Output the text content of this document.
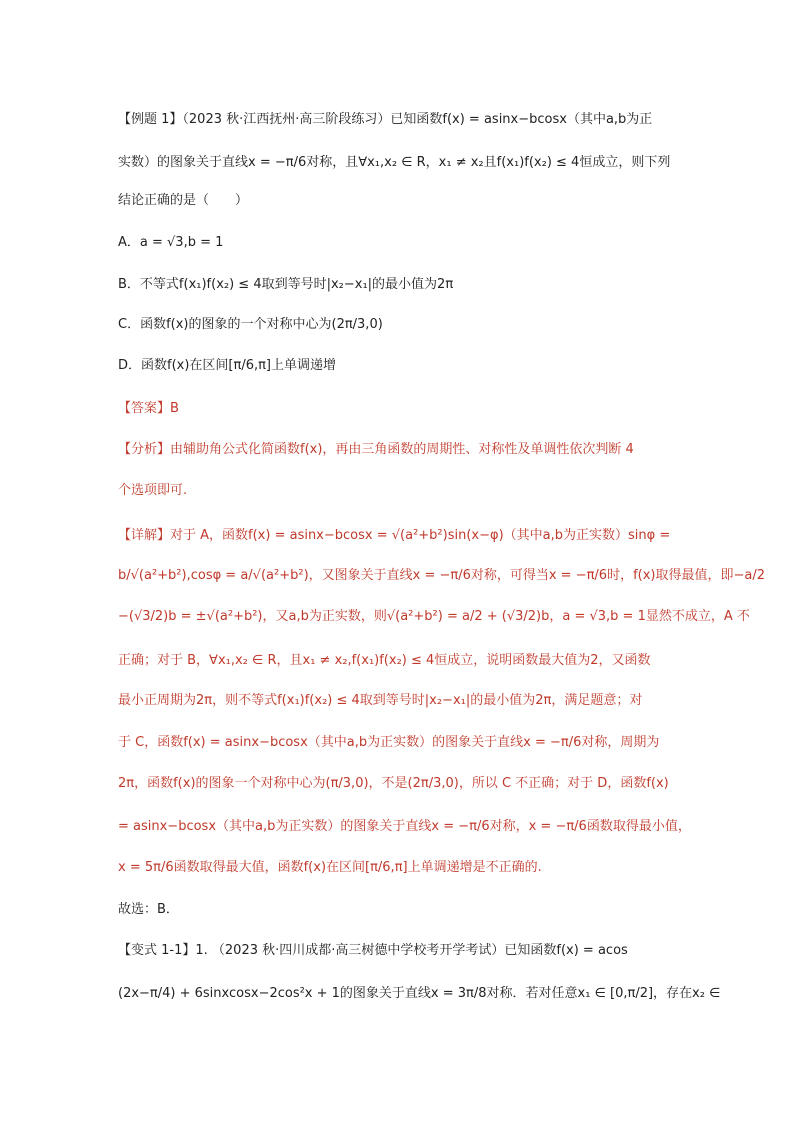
【例题 1】（2023 秋·江西抚州·高三阶段练习）已知函数f(x) = asinx−bcosx（其中a,b为正
实数）的图象关于直线x = −π/6对称，且∀x₁,x₂ ∈ R，x₁ ≠ x₂且f(x₁)f(x₂) ≤ 4恒成立，则下列
结论正确的是（　　）
A．a = √3,b = 1
B．不等式f(x₁)f(x₂) ≤ 4取到等号时|x₂−x₁|的最小值为2π
C．函数f(x)的图象的一个对称中心为(2π/3,0)
D．函数f(x)在区间[π/6,π]上单调递增
【答案】B
【分析】由辅助角公式化简函数f(x)，再由三角函数的周期性、对称性及单调性依次判断 4
个选项即可.
【详解】对于 A，函数f(x) = asinx−bcosx = √(a²+b²)sin(x−φ)（其中a,b为正实数）sinφ =
b/√(a²+b²),cosφ = a/√(a²+b²)，又图象关于直线x = −π/6对称，可得当x = −π/6时，f(x)取得最值，即−a/2
−(√3/2)b = ±√(a²+b²)，又a,b为正实数，则√(a²+b²) = a/2 + (√3/2)b，a = √3,b = 1显然不成立，A 不
正确；对于 B，∀x₁,x₂ ∈ R，且x₁ ≠ x₂,f(x₁)f(x₂) ≤ 4恒成立，说明函数最大值为2，又函数
最小正周期为2π，则不等式f(x₁)f(x₂) ≤ 4取到等号时|x₂−x₁|的最小值为2π，满足题意；对
于 C，函数f(x) = asinx−bcosx（其中a,b为正实数）的图象关于直线x = −π/6对称，周期为
2π，函数f(x)的图象一个对称中心为(π/3,0)，不是(2π/3,0)，所以 C 不正确；对于 D，函数f(x)
= asinx−bcosx（其中a,b为正实数）的图象关于直线x = −π/6对称，x = −π/6函数取得最小值，
x = 5π/6函数取得最大值，函数f(x)在区间[π/6,π]上单调递增是不正确的.
故选：B．
【变式 1-1】1. （2023 秋·四川成都·高三树德中学校考开学考试）已知函数f(x) = acos
(2x−π/4) + 6sinxcosx−2cos²x + 1的图象关于直线x = 3π/8对称．若对任意x₁ ∈ [0,π/2]，存在x₂ ∈
